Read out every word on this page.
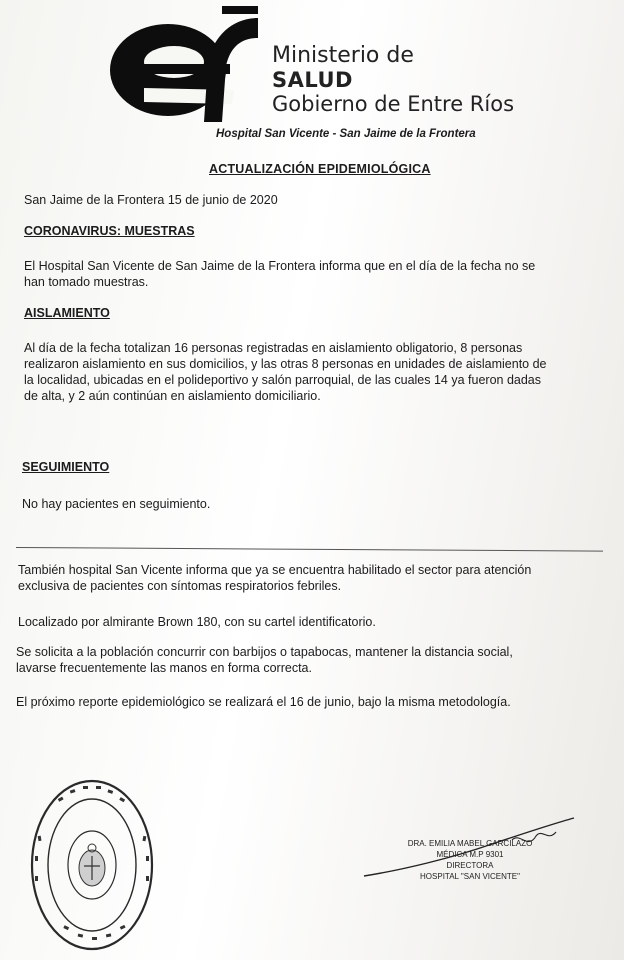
Ministerio de
SALUD
Gobierno de Entre Ríos
Hospital San Vicente - San Jaime de la Frontera
ACTUALIZACIÓN EPIDEMIOLÓGICA
San Jaime de la Frontera 15 de junio de 2020
CORONAVIRUS: MUESTRAS
El Hospital San Vicente de San Jaime de la Frontera informa que en el día de la fecha no se
han tomado muestras.
AISLAMIENTO
Al día de la fecha totalizan 16 personas registradas en aislamiento obligatorio, 8 personas
realizaron aislamiento en sus domicilios, y las otras 8 personas en unidades de aislamiento de
la localidad, ubicadas en el polideportivo y salón parroquial, de las cuales 14 ya fueron dadas
de alta, y 2 aún continúan en aislamiento domiciliario.
SEGUIMIENTO
No hay pacientes en seguimiento.
También hospital San Vicente informa que ya se encuentra habilitado el sector para atención
exclusiva de pacientes con síntomas respiratorios febriles.
Localizado por almirante Brown 180, con su cartel identificatorio.
Se solicita a la población concurrir con barbijos o tapabocas, mantener la distancia social,
lavarse frecuentemente las manos en forma correcta.
El próximo reporte epidemiológico se realizará el 16 de junio, bajo la misma metodología.
DRA. EMILIA MABEL GARCILAZO
MÉDICA M.P 9301
DIRECTORA
HOSPITAL "SAN VICENTE"
